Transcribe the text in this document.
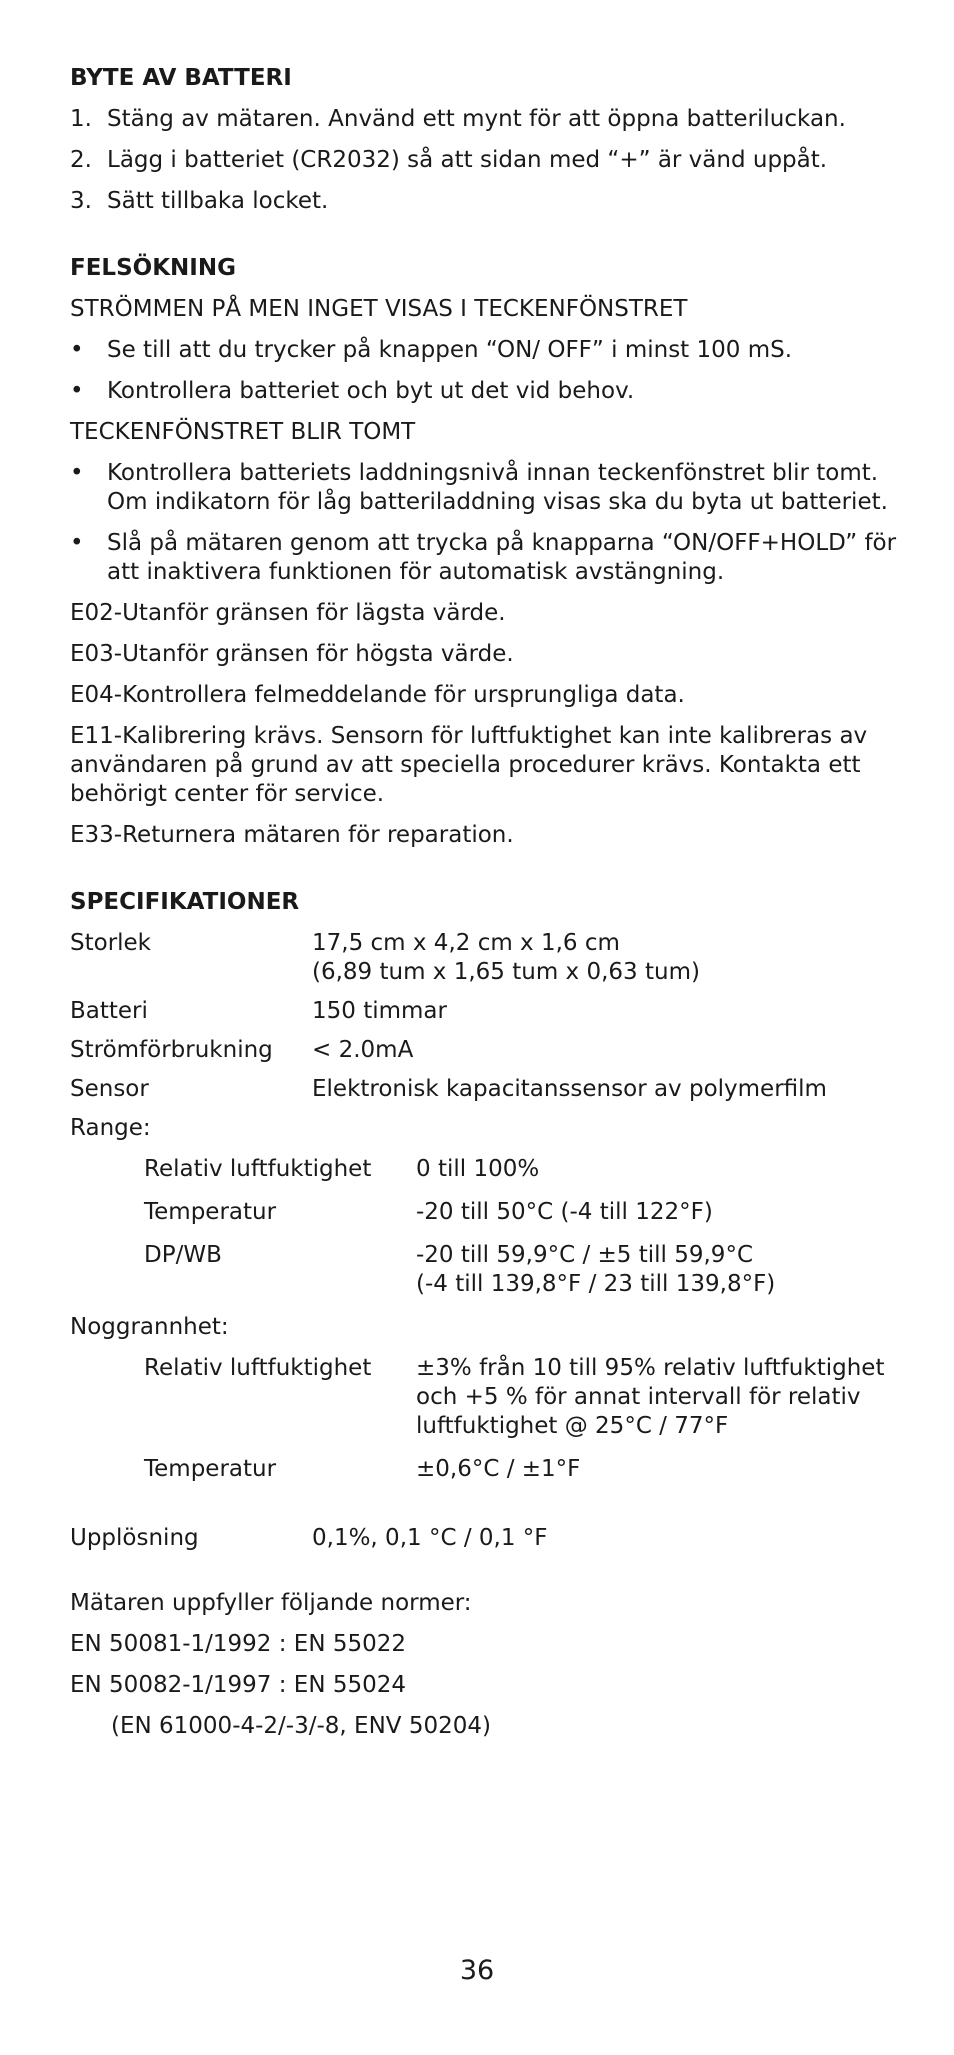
BYTE AV BATTERI
1. Stäng av mätaren. Använd ett mynt för att öppna batteriluckan.
2. Lägg i batteriet (CR2032) så att sidan med “+” är vänd uppåt.
3. Sätt tillbaka locket.
FELSÖKNING
STRÖMMEN PÅ MEN INGET VISAS I TECKENFÖNSTRET
•	Se till att du trycker på knappen “ON/ OFF” i minst 100 mS.
•	Kontrollera batteriet och byt ut det vid behov.
TECKENFÖNSTRET BLIR TOMT
•	Kontrollera batteriets laddningsnivå innan teckenfönstret blir tomt. Om indikatorn för låg batteriladdning visas ska du byta ut batteriet.
•	Slå på mätaren genom att trycka på knapparna “ON/OFF+HOLD” för att inaktivera funktionen för automatisk avstängning.
E02-Utanför gränsen för lägsta värde.
E03-Utanför gränsen för högsta värde.
E04-Kontrollera felmeddelande för ursprungliga data.
E11-Kalibrering krävs. Sensorn för luftfuktighet kan inte kalibreras av användaren på grund av att speciella procedurer krävs. Kontakta ett behörigt center för service.
E33-Returnera mätaren för reparation.
SPECIFIKATIONER
Storlek	17,5 cm x 4,2 cm x 1,6 cm
(6,89 tum x 1,65 tum x 0,63 tum)
Batteri	150 timmar
Strömförbrukning	< 2.0mA
Sensor	Elektronisk kapacitanssensor av polymerfilm
Range:
Relativ luftfuktighet	0 till 100%
Temperatur	-20 till 50°C (-4 till 122°F)
DP/WB	-20 till 59,9°C / ±5 till 59,9°C
(-4 till 139,8°F / 23 till 139,8°F)
Noggrannhet:
Relativ luftfuktighet	±3% från 10 till 95% relativ luftfuktighet och +5 % för annat intervall för relativ luftfuktighet @ 25°C / 77°F
Temperatur	±0,6°C / ±1°F
Upplösning	0,1%, 0,1 °C / 0,1 °F
Mätaren uppfyller följande normer:
EN 50081-1/1992 : EN 55022
EN 50082-1/1997 : EN 55024
(EN 61000-4-2/-3/-8, ENV 50204)
36
